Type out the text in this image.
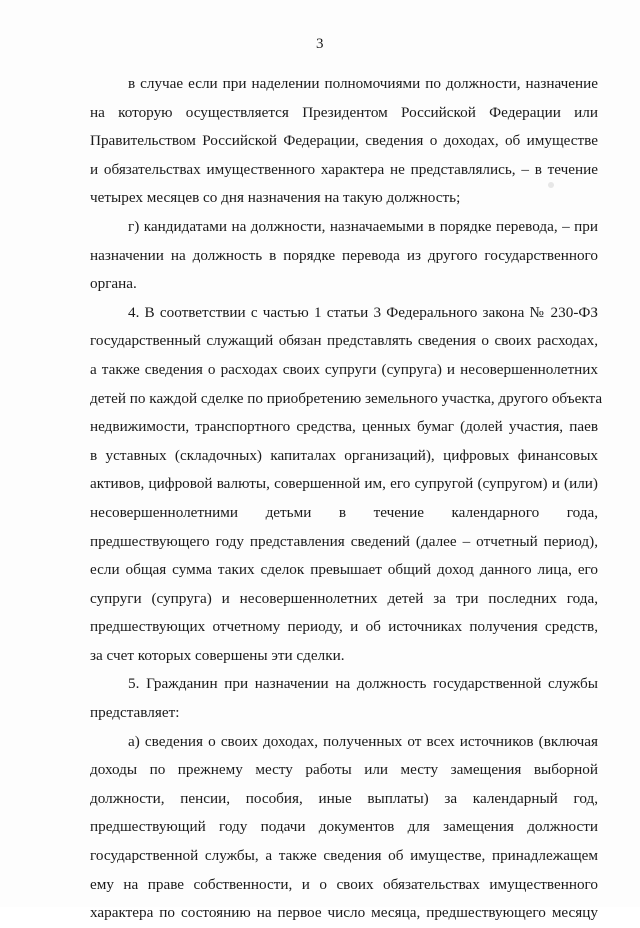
3
в случае если при наделении полномочиями по должности, назначение
на которую осуществляется Президентом Российской Федерации или
Правительством Российской Федерации, сведения о доходах, об имуществе
и обязательствах имущественного характера не представлялись, – в течение
четырех месяцев со дня назначения на такую должность;
г) кандидатами на должности, назначаемыми в порядке перевода, – при
назначении на должность в порядке перевода из другого государственного
органа.
4. В соответствии с частью 1 статьи 3 Федерального закона № 230-ФЗ
государственный служащий обязан представлять сведения о своих расходах,
а также сведения о расходах своих супруги (супруга) и несовершеннолетних
детей по каждой сделке по приобретению земельного участка, другого объекта
недвижимости, транспортного средства, ценных бумаг (долей участия, паев
в уставных (складочных) капиталах организаций), цифровых финансовых
активов, цифровой валюты, совершенной им, его супругой (супругом) и (или)
несовершеннолетними детьми в течение календарного года,
предшествующего году представления сведений (далее – отчетный период),
если общая сумма таких сделок превышает общий доход данного лица, его
супруги (супруга) и несовершеннолетних детей за три последних года,
предшествующих отчетному периоду, и об источниках получения средств,
за счет которых совершены эти сделки.
5. Гражданин при назначении на должность государственной службы
представляет:
а) сведения о своих доходах, полученных от всех источников (включая
доходы по прежнему месту работы или месту замещения выборной
должности, пенсии, пособия, иные выплаты) за календарный год,
предшествующий году подачи документов для замещения должности
государственной службы, а также сведения об имуществе, принадлежащем
ему на праве собственности, и о своих обязательствах имущественного
характера по состоянию на первое число месяца, предшествующего месяцу
